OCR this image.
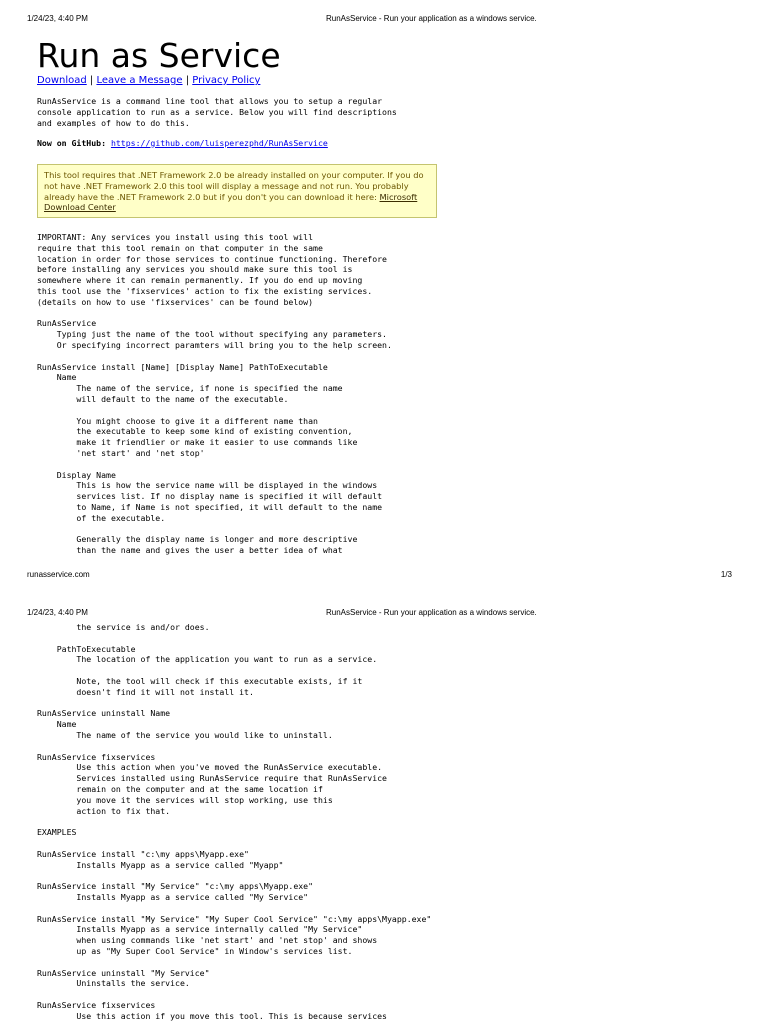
1/24/23, 4:40 PM	RunAsService - Run your application as a windows service.
Run as Service
Download | Leave a Message | Privacy Policy
RunAsService is a command line tool that allows you to setup a regular
console application to run as a service. Below you will find descriptions
and examples of how to do this.
Now on GitHub: https://github.com/luisperezphd/RunAsService
This tool requires that .NET Framework 2.0 be already installed on your computer. If you do not have .NET Framework 2.0 this tool will display a message and not run. You probably already have the .NET Framework 2.0 but if you don't you can download it here: Microsoft Download Center
IMPORTANT: Any services you install using this tool will
require that this tool remain on that computer in the same
location in order for those services to continue functioning. Therefore
before installing any services you should make sure this tool is
somewhere where it can remain permanently. If you do end up moving
this tool use the 'fixservices' action to fix the existing services.
(details on how to use 'fixservices' can be found below)

RunAsService
Typing just the name of the tool without specifying any parameters.
Or specifying incorrect paramters will bring you to the help screen.

RunAsService install [Name] [Display Name] PathToExecutable
Name
The name of the service, if none is specified the name
will default to the name of the executable.

You might choose to give it a different name than
the executable to keep some kind of existing convention,
make it friendlier or make it easier to use commands like
'net start' and 'net stop'

Display Name
This is how the service name will be displayed in the windows
services list. If no display name is specified it will default
to Name, if Name is not specified, it will default to the name
of the executable.

Generally the display name is longer and more descriptive
than the name and gives the user a better idea of what
runasservice.com	1/3
1/24/23, 4:40 PM	RunAsService - Run your application as a windows service.
the service is and/or does.

PathToExecutable
The location of the application you want to run as a service.

Note, the tool will check if this executable exists, if it
doesn't find it will not install it.

RunAsService uninstall Name
Name
The name of the service you would like to uninstall.

RunAsService fixservices
Use this action when you've moved the RunAsService executable.
Services installed using RunAsService require that RunAsService
remain on the computer and at the same location if
you move it the services will stop working, use this
action to fix that.

EXAMPLES

RunAsService install "c:\my apps\Myapp.exe"
Installs Myapp as a service called "Myapp"

RunAsService install "My Service" "c:\my apps\Myapp.exe"
Installs Myapp as a service called "My Service"

RunAsService install "My Service" "My Super Cool Service" "c:\my apps\Myapp.exe"
Installs Myapp as a service internally called "My Service"
when using commands like 'net start' and 'net stop' and shows
up as "My Super Cool Service" in Window's services list.

RunAsService uninstall "My Service"
Uninstalls the service.

RunAsService fixservices
Use this action if you move this tool. This is because services
